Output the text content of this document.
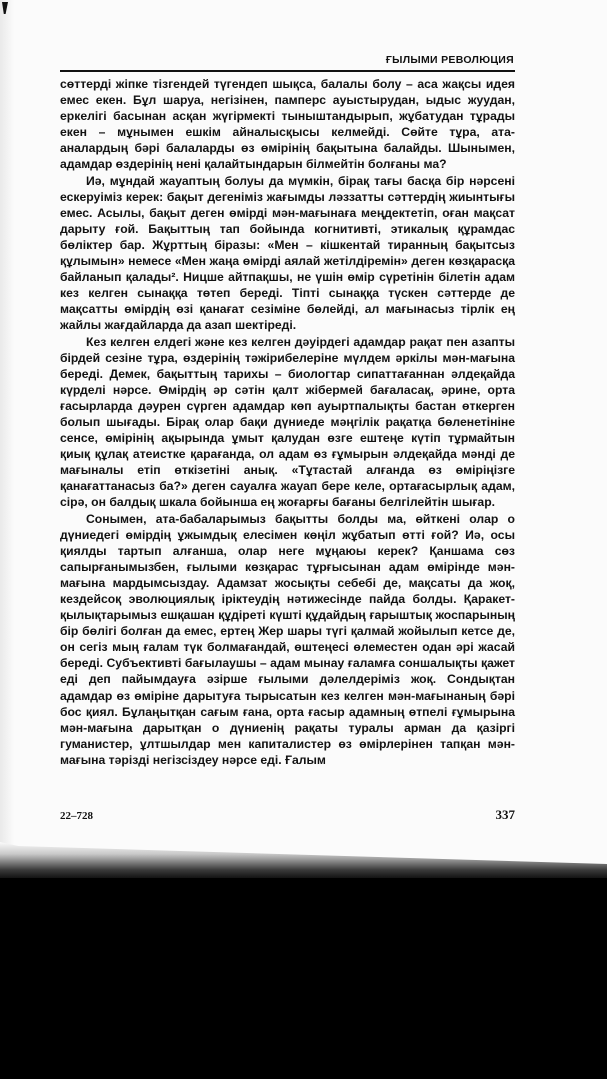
ҒЫЛЫМИ РЕВОЛЮЦИЯ

сөттерді жіпке тізгендей түгендеп шықса, балалы болу – аса жақсы идея емес екен. Бұл шаруа, негізінен, памперс ауыстырудан, ыдыс жуудан, еркелігі басынан асқан жүгірмекті тыныштандырып, жұбатудан тұрады екен – мұнымен ешкім айналысқысы келмейді. Сөйте тұра, ата-аналардың бәрі балаларды өз өмірінің бақытына балайды. Шынымен, адамдар өздерінің нені қалайтындарын білмейтін болғаны ма?

Иә, мұндай жауаптың болуы да мүмкін, бірақ тағы басқа бір нәрсені ескеруіміз керек: бақыт дегеніміз жағымды ләззатты сәттердің жиынтығы емес. Асылы, бақыт деген өмірді мән-мағынаға меңдектетіп, оған мақсат дарыту ғой. Бақыттың тап бойында когнитивті, этикалық құрамдас бөліктер бар. Жұрттың біразы: «Мен – кішкентай тиранның бақытсыз құлымын» немесе «Мен жаңа өмірді аялай жетілдіремін» деген көзқарасқа байланып қалады². Ницше айтпақшы, не үшін өмір сүретінін білетін адам кез келген сынаққа төтеп береді. Тіпті сынаққа түскен сәттерде де мақсатты өмірдің өзі қанағат сезіміне бөлейді, ал мағынасыз тірлік ең жайлы жағдайларда да азап шектіреді.

Кез келген елдегі және кез келген дәуірдегі адамдар рақат пен азапты бірдей сезіне тұра, өздерінің тәжірибелеріне мүлдем әркілы мән-мағына береді. Демек, бақыттың тарихы – биологтар сипаттағаннан әлдеқайда күрделі нәрсе. Өмірдің әр сәтін қалт жібермей бағаласақ, әрине, орта ғасырларда дәурен сүрген адамдар көп ауыртпалықты бастан өткерген болып шығады. Бірақ олар бақи дүниеде мәңгілік рақатқа бөленетініне сенсе, өмірінің ақырында ұмыт қалудан өзге ештеңе күтіп тұрмайтын қиық құлақ атеистке қарағанда, ол адам өз ғұмырын әлдеқайда мәнді де мағыналы етіп өткізетіні анық. «Тұтастай алғанда өз өміріңізге қанағаттанасыз ба?» деген сауалға жауап бере келе, ортағасырлық адам, сірә, он балдық шкала бойынша ең жоғарғы бағаны белгілейтін шығар.

Сонымен, ата-бабаларымыз бақытты болды ма, өйткені олар о дүниедегі өмірдің ұжымдық елесімен көңіл жұбатып өтті ғой? Иә, осы қиялды тартып алғанша, олар неге мұңаюы керек? Қаншама сөз сапырғанымызбен, ғылыми көзқарас тұрғысынан адам өмірінде мән-мағына мардымсыздау. Адамзат жосықты себебі де, мақсаты да жоқ, кездейсоқ эволюциялық іріктеудің нәтижесінде пайда болды. Қаракет-қылықтарымыз ешқашан құдіреті күшті құдайдың ғарыштық жоспарының бір бөлігі болған да емес, ертең Жер шары түгі қалмай жойылып кетсе де, он сегіз мың ғалам түк болмағандай, өштеңесі өлеместен одан әрі жасай береді. Субъективті бағылаушы – адам мынау ғаламға соншалықты қажет еді деп пайымдауға әзірше ғылыми дәлелдеріміз жоқ. Сондықтан адамдар өз өміріне дарытуға тырысатын кез келген мән-мағынаның бәрі бос қиял. Бұлаңытқан сағым ғана, орта ғасыр адамның өтпелі ғұмырына мән-мағына дарытқан о дүниенің рақаты туралы арман да қазіргі гуманистер, ұлтшылдар мен капиталистер өз өмірлерінен тапқан мән-мағына тәрізді негізсіздеу нәрсе еді. Ғалым

22–728	337
